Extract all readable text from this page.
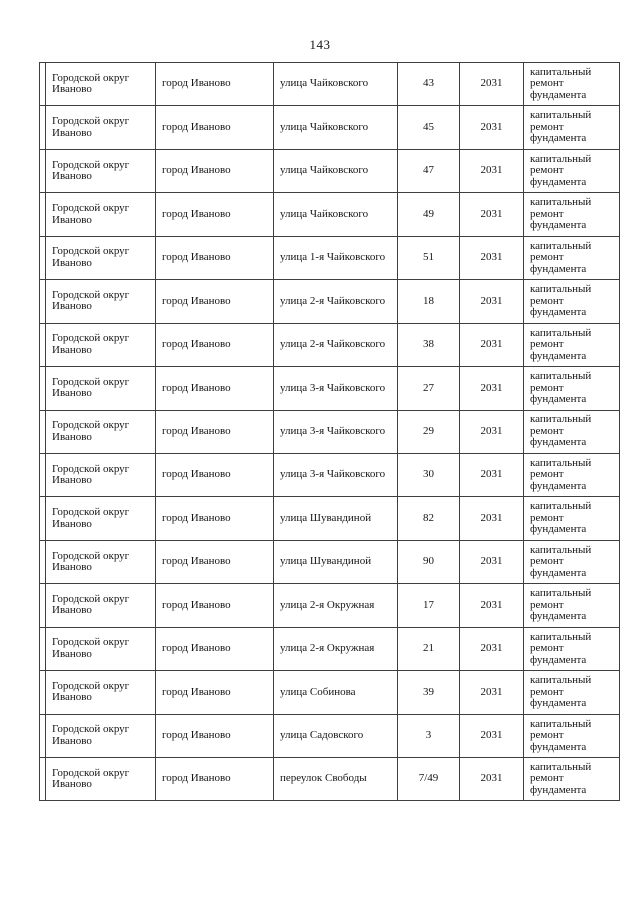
143
	Городской округ Иваново	город Иваново	улица Чайковского	43	2031	капитальный ремонт фундамента
	Городской округ Иваново	город Иваново	улица Чайковского	45	2031	капитальный ремонт фундамента
	Городской округ Иваново	город Иваново	улица Чайковского	47	2031	капитальный ремонт фундамента
	Городской округ Иваново	город Иваново	улица Чайковского	49	2031	капитальный ремонт фундамента
	Городской округ Иваново	город Иваново	улица 1-я Чайковского	51	2031	капитальный ремонт фундамента
	Городской округ Иваново	город Иваново	улица 2-я Чайковского	18	2031	капитальный ремонт фундамента
	Городской округ Иваново	город Иваново	улица 2-я Чайковского	38	2031	капитальный ремонт фундамента
	Городской округ Иваново	город Иваново	улица 3-я Чайковского	27	2031	капитальный ремонт фундамента
	Городской округ Иваново	город Иваново	улица 3-я Чайковского	29	2031	капитальный ремонт фундамента
	Городской округ Иваново	город Иваново	улица 3-я Чайковского	30	2031	капитальный ремонт фундамента
	Городской округ Иваново	город Иваново	улица Шувандиной	82	2031	капитальный ремонт фундамента
	Городской округ Иваново	город Иваново	улица Шувандиной	90	2031	капитальный ремонт фундамента
	Городской округ Иваново	город Иваново	улица 2-я Окружная	17	2031	капитальный ремонт фундамента
	Городской округ Иваново	город Иваново	улица 2-я Окружная	21	2031	капитальный ремонт фундамента
	Городской округ Иваново	город Иваново	улица Собинова	39	2031	капитальный ремонт фундамента
	Городской округ Иваново	город Иваново	улица Садовского	3	2031	капитальный ремонт фундамента
	Городской округ Иваново	город Иваново	переулок Свободы	7/49	2031	капитальный ремонт фундамента
